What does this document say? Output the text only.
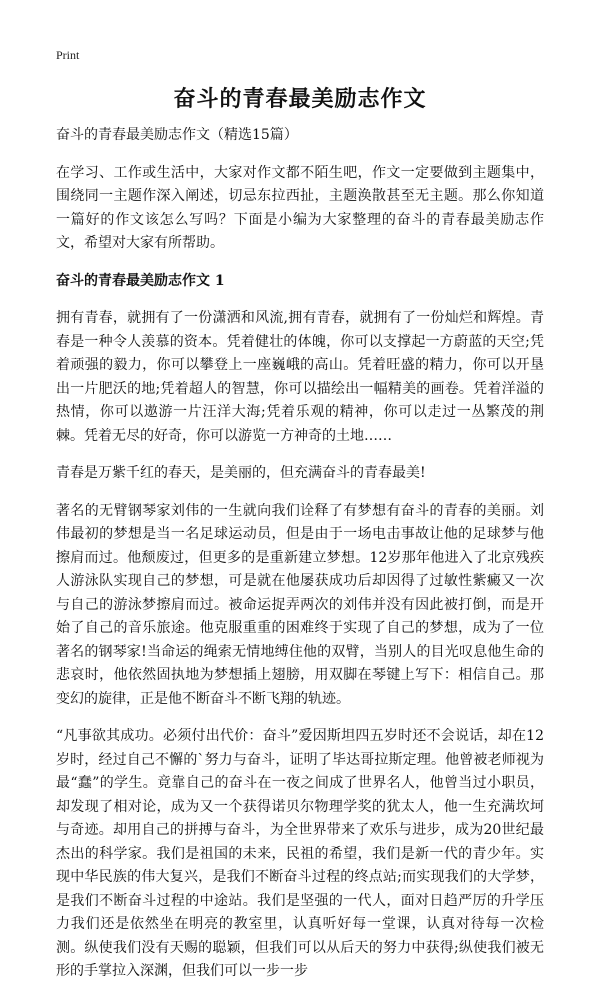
Print
奋斗的青春最美励志作文

奋斗的青春最美励志作文（精选15篇）

在学习、工作或生活中，大家对作文都不陌生吧，作文一定要做到主题集中，围绕同一主题作深入阐述，切忌东拉西扯，主题涣散甚至无主题。那么你知道一篇好的作文该怎么写吗？下面是小编为大家整理的奋斗的青春最美励志作文，希望对大家有所帮助。

奋斗的青春最美励志作文 1

拥有青春，就拥有了一份潇洒和风流,拥有青春，就拥有了一份灿烂和辉煌。青春是一种令人羡慕的资本。凭着健壮的体魄，你可以支撑起一方蔚蓝的天空;凭着顽强的毅力，你可以攀登上一座巍峨的高山。凭着旺盛的精力，你可以开垦出一片肥沃的地;凭着超人的智慧，你可以描绘出一幅精美的画卷。凭着洋溢的热情，你可以遨游一片汪洋大海;凭着乐观的精神，你可以走过一丛繁茂的荆棘。凭着无尽的好奇，你可以游览一方神奇的土地……

青春是万紫千红的春天，是美丽的，但充满奋斗的青春最美!

著名的无臂钢琴家刘伟的一生就向我们诠释了有梦想有奋斗的青春的美丽。刘伟最初的梦想是当一名足球运动员，但是由于一场电击事故让他的足球梦与他擦肩而过。他颓废过，但更多的是重新建立梦想。12岁那年他进入了北京残疾人游泳队实现自己的梦想，可是就在他屡获成功后却因得了过敏性紫癜又一次与自己的游泳梦擦肩而过。被命运捉弄两次的刘伟并没有因此被打倒，而是开始了自己的音乐旅途。他克服重重的困难终于实现了自己的梦想，成为了一位著名的钢琴家!当命运的绳索无情地缚住他的双臂，当别人的目光叹息他生命的悲哀时，他依然固执地为梦想插上翅膀，用双脚在琴键上写下：相信自己。那变幻的旋律，正是他不断奋斗不断飞翔的轨迹。

“凡事欲其成功。必须付出代价：奋斗”爱因斯坦四五岁时还不会说话，却在12岁时，经过自己不懈的`努力与奋斗，证明了毕达哥拉斯定理。他曾被老师视为最“蠢”的学生。竟靠自己的奋斗在一夜之间成了世界名人，他曾当过小职员，却发现了相对论，成为又一个获得诺贝尔物理学奖的犹太人，他一生充满坎坷与奇迹。却用自己的拼搏与奋斗，为全世界带来了欢乐与进步，成为20世纪最杰出的科学家。我们是祖国的未来，民祖的希望，我们是新一代的青少年。实现中华民族的伟大复兴，是我们不断奋斗过程的终点站;而实现我们的大学梦，是我们不断奋斗过程的中途站。我们是坚强的一代人，面对日趋严厉的升学压力我们还是依然坐在明亮的教室里，认真听好每一堂课，认真对待每一次检测。纵使我们没有天赐的聪颖，但我们可以从后天的努力中获得;纵使我们被无形的手掌拉入深渊，但我们可以一步一步
